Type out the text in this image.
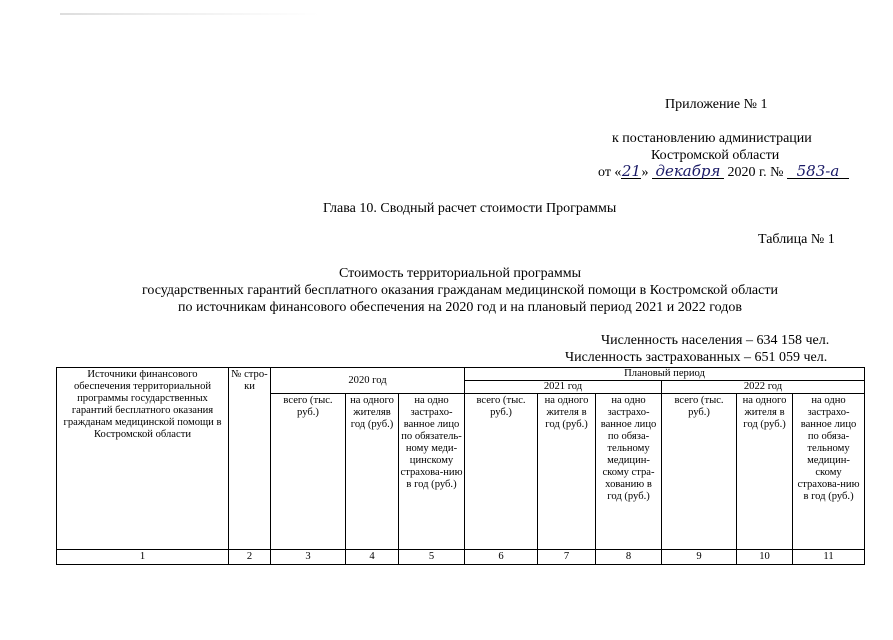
Приложение № 1
к постановлению администрации
Костромской области
от «21» декабря 2020 г. № 583-а
Глава 10. Сводный расчет стоимости Программы
Таблица № 1
Стоимость территориальной программы
государственных гарантий бесплатного оказания гражданам медицинской помощи в Костромской области
по источникам финансового обеспечения на 2020 год и на плановый период 2021 и 2022 годов
Численность населения – 634 158 чел.
Численность застрахованных – 651 059 чел.
Источники финансового обеспечения территориальной программы государственных гарантий бесплатного оказания гражданам медицинской помощи в Костромской области	№ стро-ки	2020 год			Плановый период					
					2021 год			2022 год		
		всего (тыс. руб.)	на одного жителяв год (руб.)	на одно застрахо-ванное лицо по обязатель-ному меди-цинскому страхова-нию в год (руб.)	всего (тыс. руб.)	на одного жителя в год (руб.)	на одно застрахо-ванное лицо по обяза-тельному медицин-скому стра-хованию в год (руб.)	всего (тыс. руб.)	на одного жителя в год (руб.)	на одно застрахо-ванное лицо по обяза-тельному медицин-скому страхова-нию в год (руб.)
1	2	3	4	5	6	7	8	9	10	11
